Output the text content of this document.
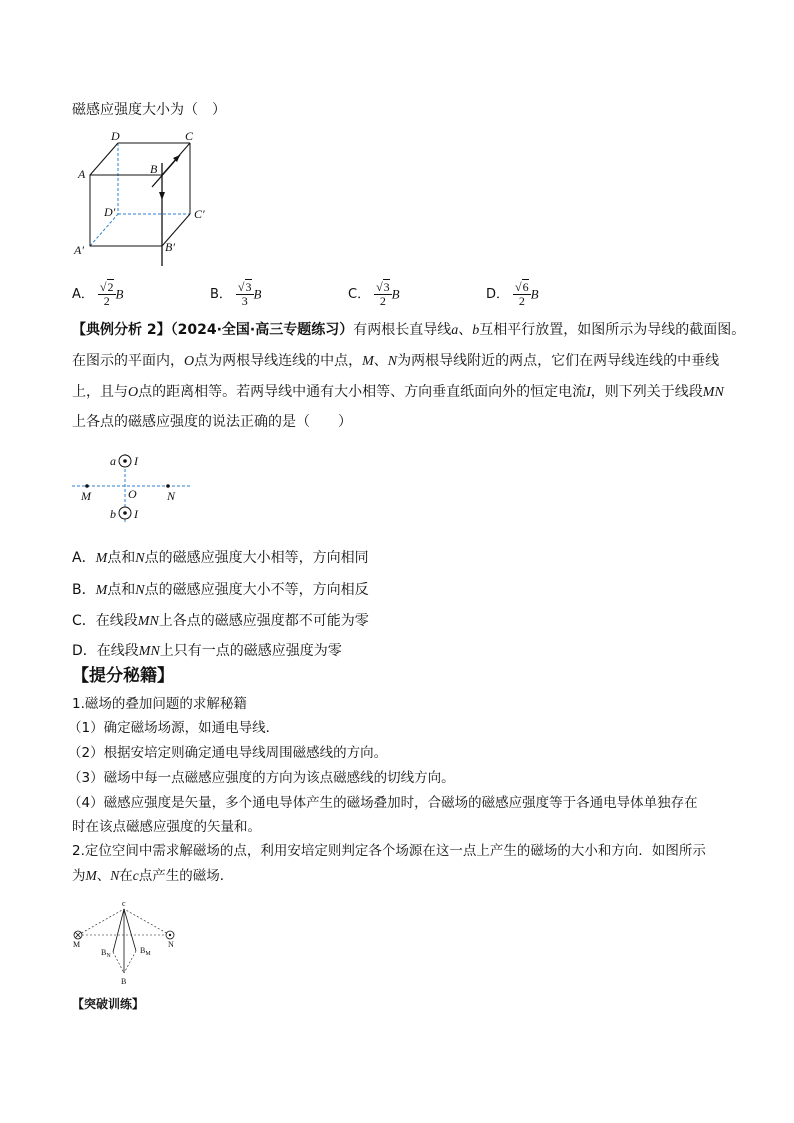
磁感应强度大小为（　）
D	C
A	B
D′	C′
A′	B′
A． $\frac{√2}{2}$ B	B． $\frac{√3}{3}$ B	C． $\frac{√3}{2}$ B	D． $\frac{√6}{2}$ B
【典例分析 2】（2024·全国·高三专题练习）有两根长直导线a、b互相平行放置，如图所示为导线的截面图。
在图示的平面内，O点为两根导线连线的中点，M、N为两根导线附近的两点，它们在两导线连线的中垂线
上，且与O点的距离相等。若两导线中通有大小相等、方向垂直纸面向外的恒定电流I，则下列关于线段MN
上各点的磁感应强度的说法正确的是（　　）
a I
M	O	N
b I
A．M点和N点的磁感应强度大小相等，方向相同
B．M点和N点的磁感应强度大小不等，方向相反
C．在线段MN上各点的磁感应强度都不可能为零
D．在线段MN上只有一点的磁感应强度为零
【提分秘籍】
1.磁场的叠加问题的求解秘籍
（1）确定磁场场源，如通电导线．
（2）根据安培定则确定通电导线周围磁感线的方向。
（3）磁场中每一点磁感应强度的方向为该点磁感线的切线方向。
（4）磁感应强度是矢量，多个通电导体产生的磁场叠加时，合磁场的磁感应强度等于各通电导体单独存在
时在该点磁感应强度的矢量和。
2.定位空间中需求解磁场的点，利用安培定则判定各个场源在这一点上产生的磁场的大小和方向．如图所示
为M、N在c点产生的磁场．
c
M	N
$B_N$
$B_M$
B
【突破训练】
